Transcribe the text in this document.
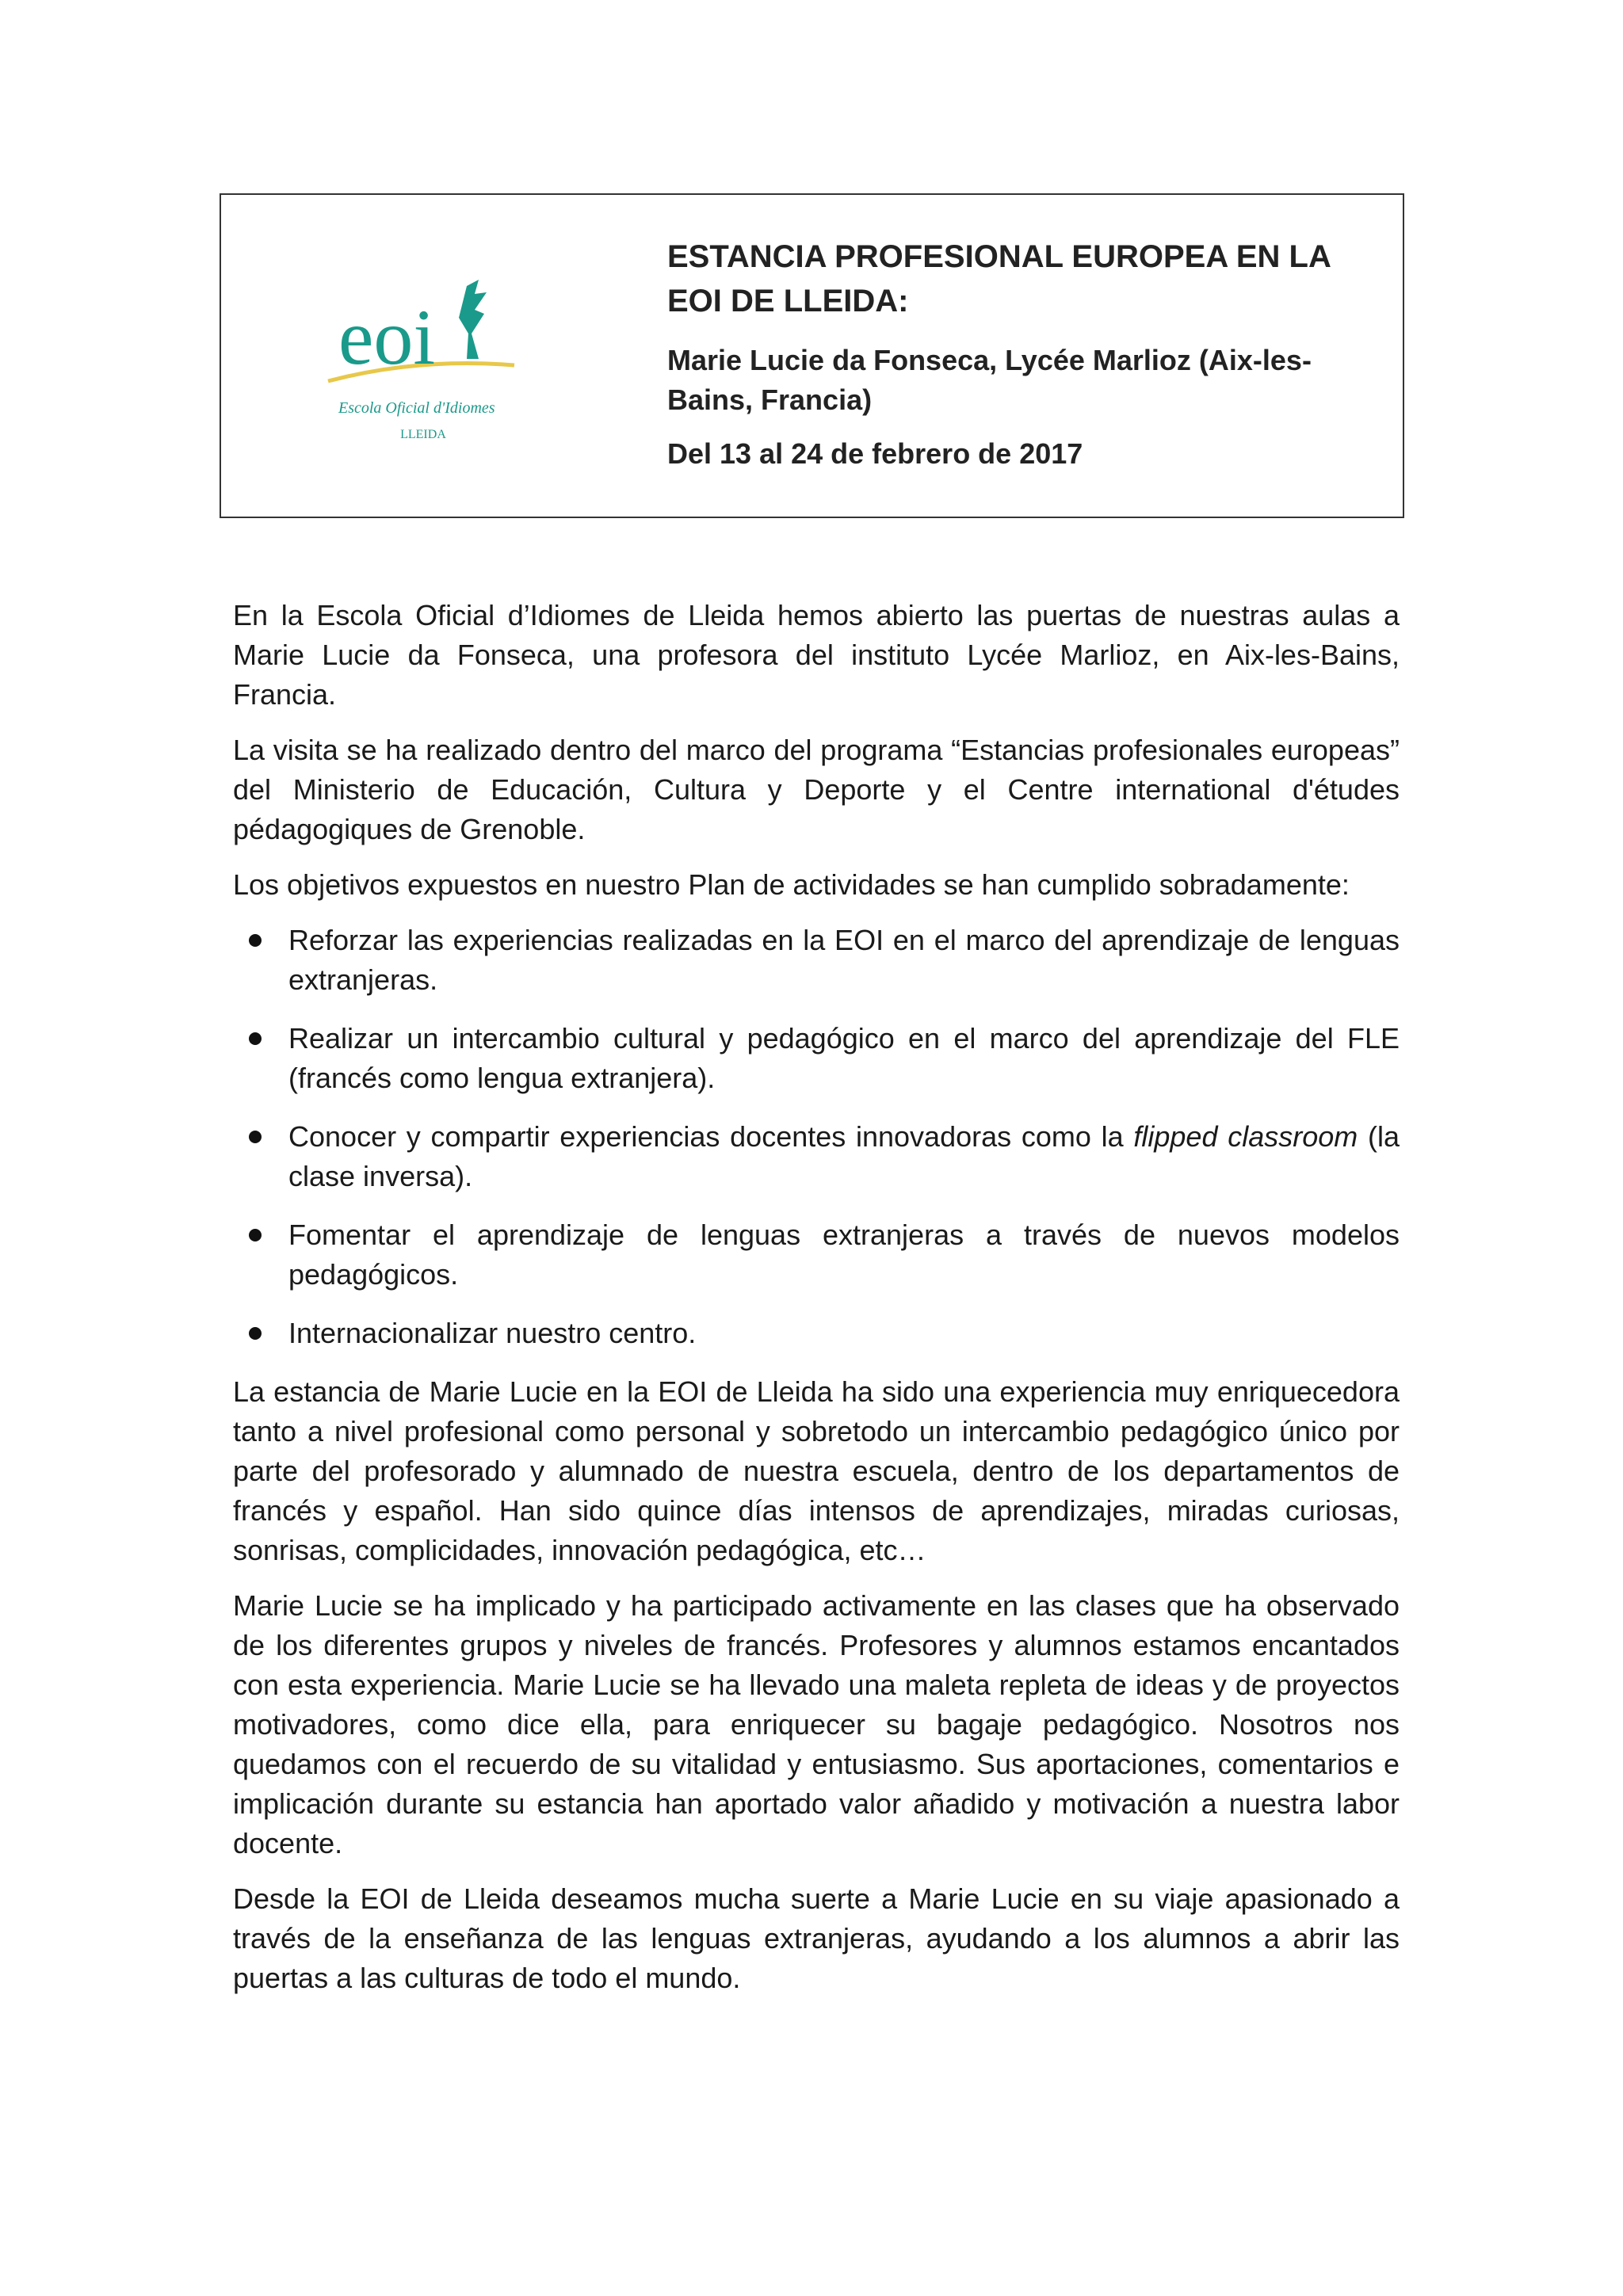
eoi
Escola Oficial d'Idiomes
LLEIDA
ESTANCIA PROFESIONAL EUROPEA EN LA EOI DE LLEIDA:
Marie Lucie da Fonseca, Lycée Marlioz (Aix-les-Bains, Francia)
Del 13 al 24 de febrero de 2017

En la Escola Oficial d’Idiomes de Lleida hemos abierto las puertas de nuestras aulas a Marie Lucie da Fonseca, una profesora del instituto Lycée Marlioz, en Aix-les-Bains, Francia.

La visita se ha realizado dentro del marco del programa “Estancias profesionales europeas” del Ministerio de Educación, Cultura y Deporte y el Centre international d'études pédagogiques de Grenoble.

Los objetivos expuestos en nuestro Plan de actividades se han cumplido sobradamente:

Reforzar las experiencias realizadas en la EOI en el marco del aprendizaje de lenguas extranjeras.
Realizar un intercambio cultural y pedagógico en el marco del aprendizaje del FLE (francés como lengua extranjera).
Conocer y compartir experiencias docentes innovadoras como la flipped classroom (la clase inversa).
Fomentar el aprendizaje de lenguas extranjeras a través de nuevos modelos pedagógicos.
Internacionalizar nuestro centro.

La estancia de Marie Lucie en la EOI de Lleida ha sido una experiencia muy enriquecedora tanto a nivel profesional como personal y sobretodo un intercambio pedagógico único por parte del profesorado y alumnado de nuestra escuela, dentro de los departamentos de francés y español. Han sido quince días intensos de aprendizajes, miradas curiosas, sonrisas, complicidades, innovación pedagógica, etc…

Marie Lucie se ha implicado y ha participado activamente en las clases que ha observado de los diferentes grupos y niveles de francés. Profesores y alumnos estamos encantados con esta experiencia. Marie Lucie se ha llevado una maleta repleta de ideas y de proyectos motivadores, como dice ella, para enriquecer su bagaje pedagógico. Nosotros nos quedamos con el recuerdo de su vitalidad y entusiasmo. Sus aportaciones, comentarios e implicación durante su estancia han aportado valor añadido y motivación a nuestra labor docente.

Desde la EOI de Lleida deseamos mucha suerte a Marie Lucie en su viaje apasionado a través de la enseñanza de las lenguas extranjeras, ayudando a los alumnos a abrir las puertas a las culturas de todo el mundo.
